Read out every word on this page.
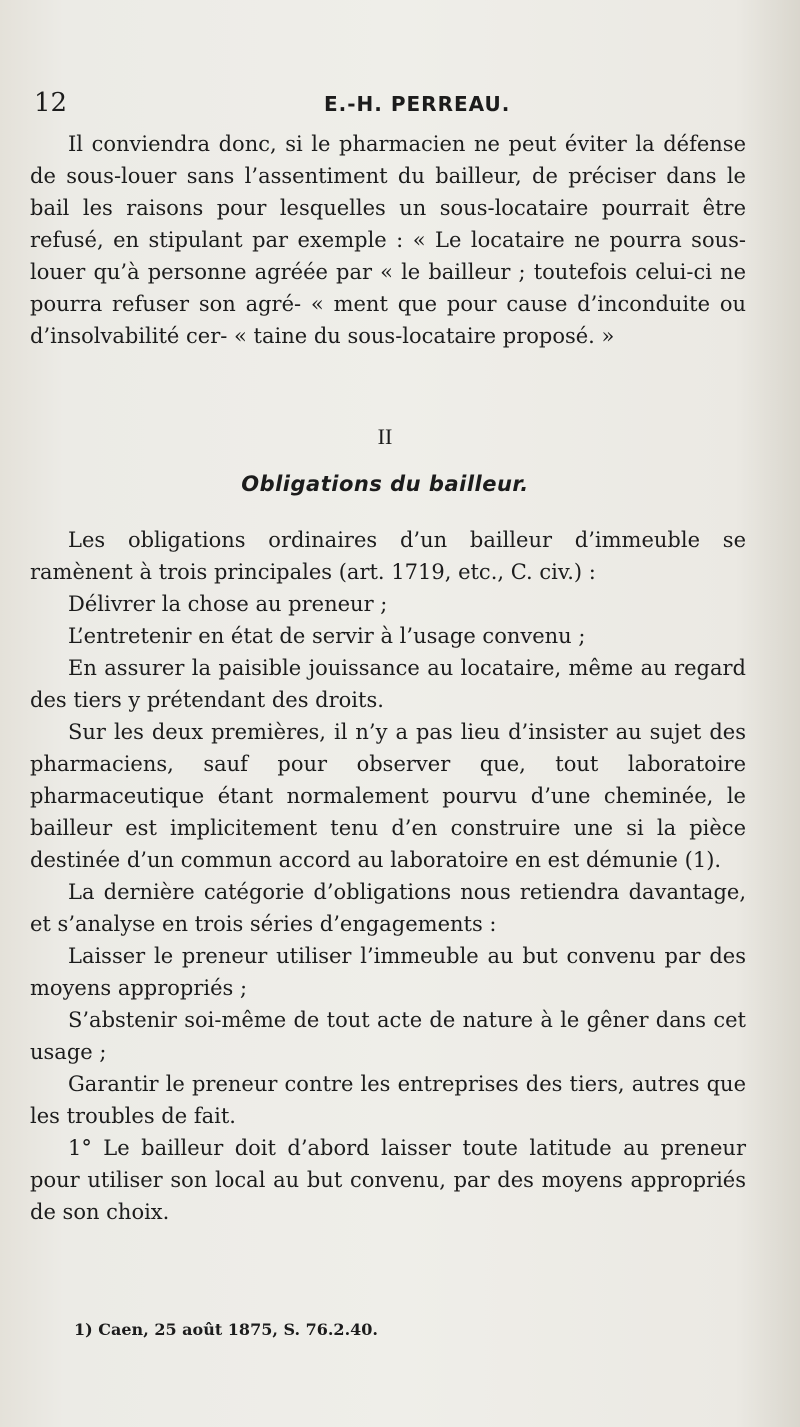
12	E.-H. PERREAU.

Il conviendra donc, si le pharmacien ne peut éviter la défense de sous-louer sans l’assentiment du bailleur, de préciser dans le bail les raisons pour lesquelles un sous-locataire pourrait être refusé, en stipulant par exemple : « Le locataire ne pourra sous-louer qu’à personne agréée par « le bailleur ; toutefois celui-ci ne pourra refuser son agré- « ment que pour cause d’inconduite ou d’insolvabilité cer- « taine du sous-locataire proposé. »

II
Obligations du bailleur.

Les obligations ordinaires d’un bailleur d’immeuble se ramènent à trois principales (art. 1719, etc., C. civ.) :

Délivrer la chose au preneur ;

L’entretenir en état de servir à l’usage convenu ;

En assurer la paisible jouissance au locataire, même au regard des tiers y prétendant des droits.

Sur les deux premières, il n’y a pas lieu d’insister au sujet des pharmaciens, sauf pour observer que, tout laboratoire pharmaceutique étant normalement pourvu d’une cheminée, le bailleur est implicitement tenu d’en construire une si la pièce destinée d’un commun accord au laboratoire en est démunie (1).

La dernière catégorie d’obligations nous retiendra davantage, et s’analyse en trois séries d’engagements :

Laisser le preneur utiliser l’immeuble au but convenu par des moyens appropriés ;

S’abstenir soi-même de tout acte de nature à le gêner dans cet usage ;

Garantir le preneur contre les entreprises des tiers, autres que les troubles de fait.

1° Le bailleur doit d’abord laisser toute latitude au preneur pour utiliser son local au but convenu, par des moyens appropriés de son choix.

1) Caen, 25 août 1875, S. 76.2.40.
